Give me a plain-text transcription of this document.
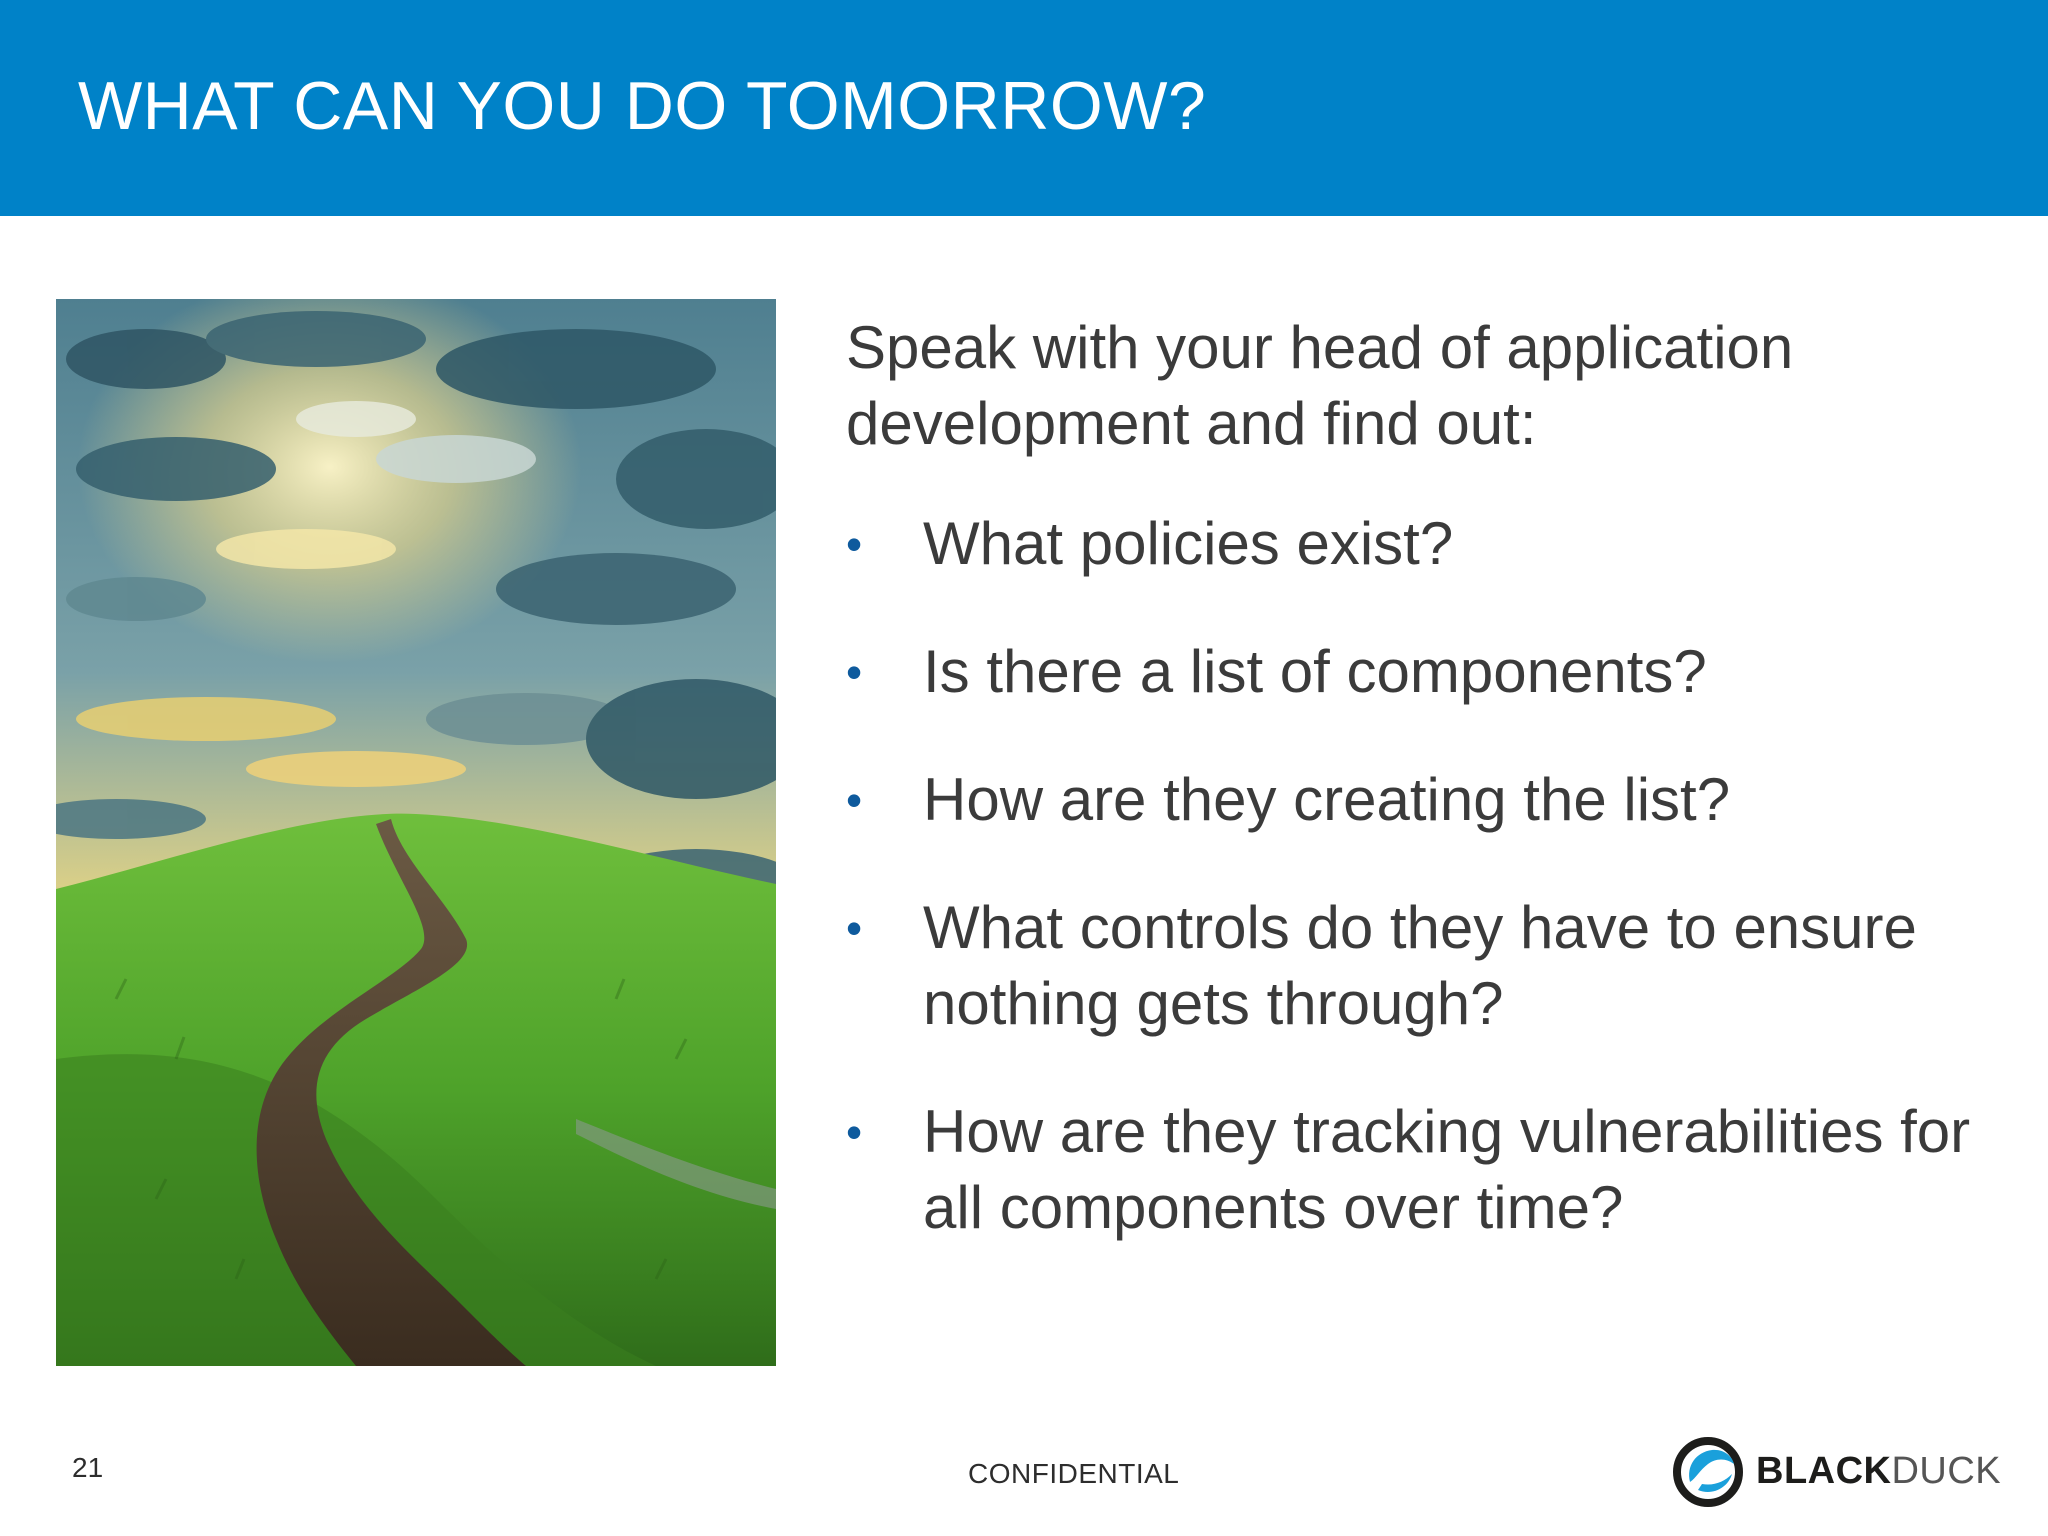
WHAT CAN YOU DO TOMORROW?

Speak with your head of application development and find out:

• What policies exist?
• Is there a list of components?
• How are they creating the list?
• What controls do they have to ensure nothing gets through?
• How are they tracking vulnerabilities for all components over time?
21	CONFIDENTIAL	BLACKDUCK
